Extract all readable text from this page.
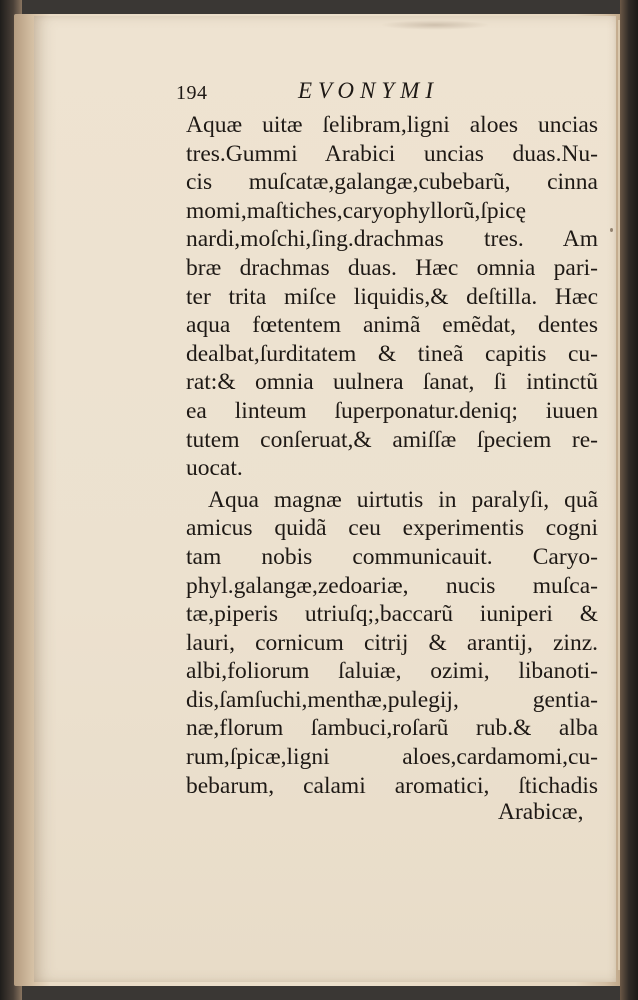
194	EVONYMI
Aquæ uitæ ſelibram,ligni aloes uncias
tres.Gummi Arabici uncias duas.Nu-
cis muſcatæ,galangæ,cubebarũ, cinna
momi,maſtiches,caryophyllorũ,ſpicę
nardi,moſchi,ſing.drachmas tres. Am
bræ drachmas duas. Hæc omnia pari-
ter trita miſce liquidis,& deſtilla. Hæc
aqua fœtentem animã emẽdat, dentes
dealbat,ſurditatem & tineã capitis cu-
rat:& omnia uulnera ſanat, ſi intinctũ
ea linteum ſuperponatur.deniq; iuuen
tutem conſeruat,& amiſſæ ſpeciem re-
uocat.
Aqua magnæ uirtutis in paralyſi, quã
amicus quidã ceu experimentis cogni
tam nobis communicauit. Caryo-
phyl.galangæ,zedoariæ, nucis muſca-
tæ,piperis utriuſq;,baccarũ iuniperi &
lauri, cornicum citrij & arantij, zinz.
albi,foliorum ſaluiæ, ozimi, libanoti-
dis,ſamſuchi,menthæ,pulegij, gentia-
næ,florum ſambuci,roſarũ rub.& alba
rum,ſpicæ,ligni aloes,cardamomi,cu-
bebarum, calami aromatici, ſtichadis
Arabicæ,
